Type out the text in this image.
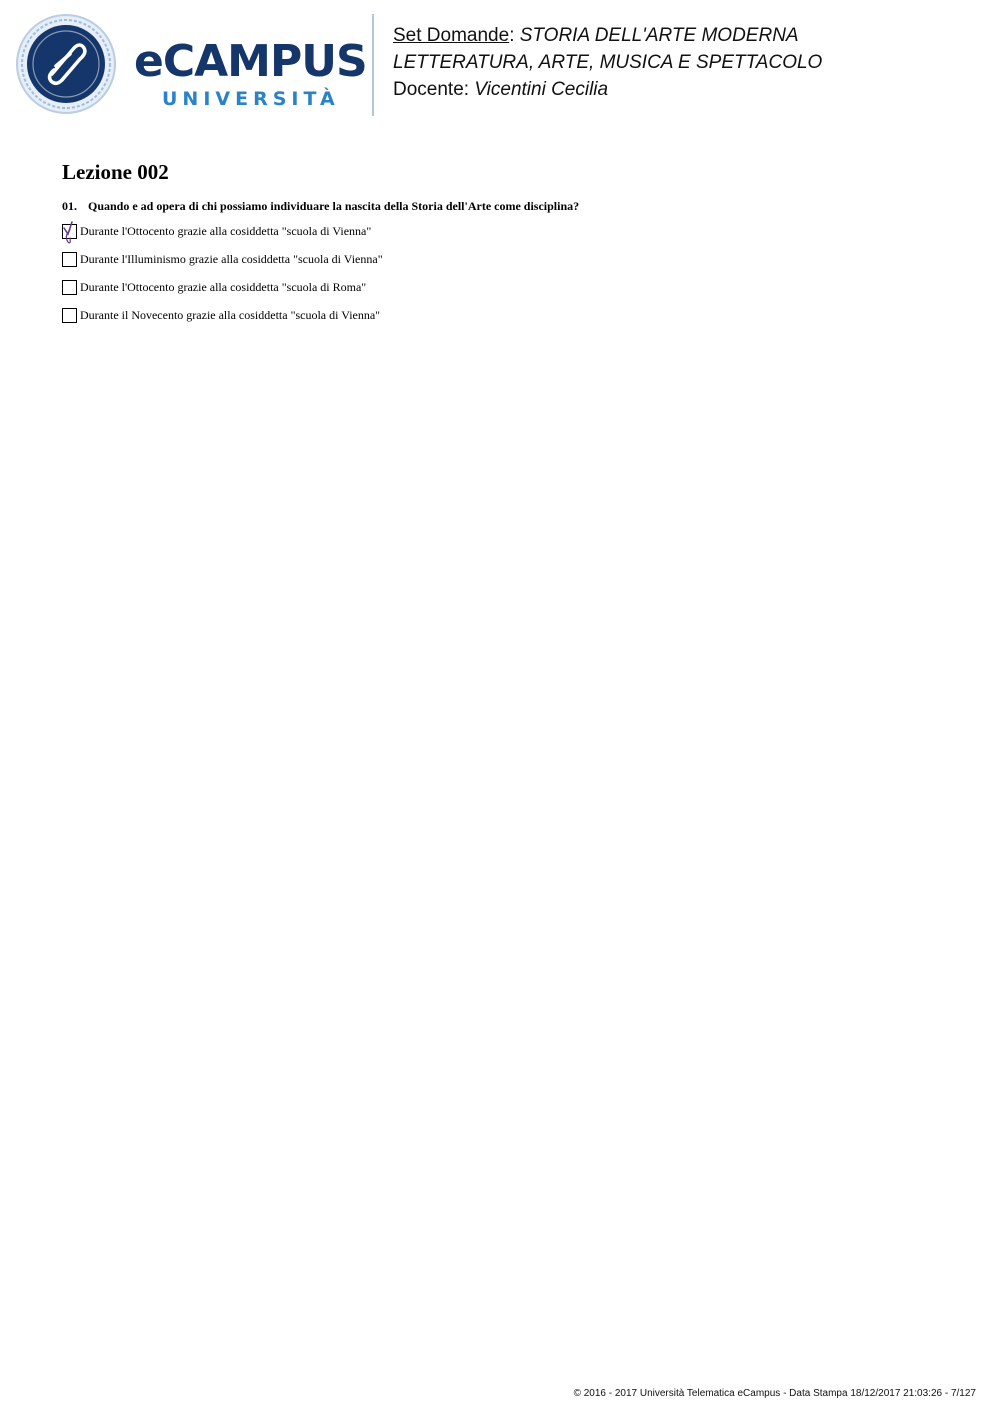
eCAMPUS
UNIVERSITÀ
Set Domande: STORIA DELL'ARTE MODERNA
LETTERATURA, ARTE, MUSICA E SPETTACOLO
Docente: Vicentini Cecilia
Lezione 002
01. Quando e ad opera di chi possiamo individuare la nascita della Storia dell'Arte come disciplina?
Durante l'Ottocento grazie alla cosiddetta "scuola di Vienna"
Durante l'Illuminismo grazie alla cosiddetta "scuola di Vienna"
Durante l'Ottocento grazie alla cosiddetta "scuola di Roma"
Durante il Novecento grazie alla cosiddetta "scuola di Vienna"
© 2016 - 2017 Università Telematica eCampus - Data Stampa 18/12/2017 21:03:26 - 7/127
